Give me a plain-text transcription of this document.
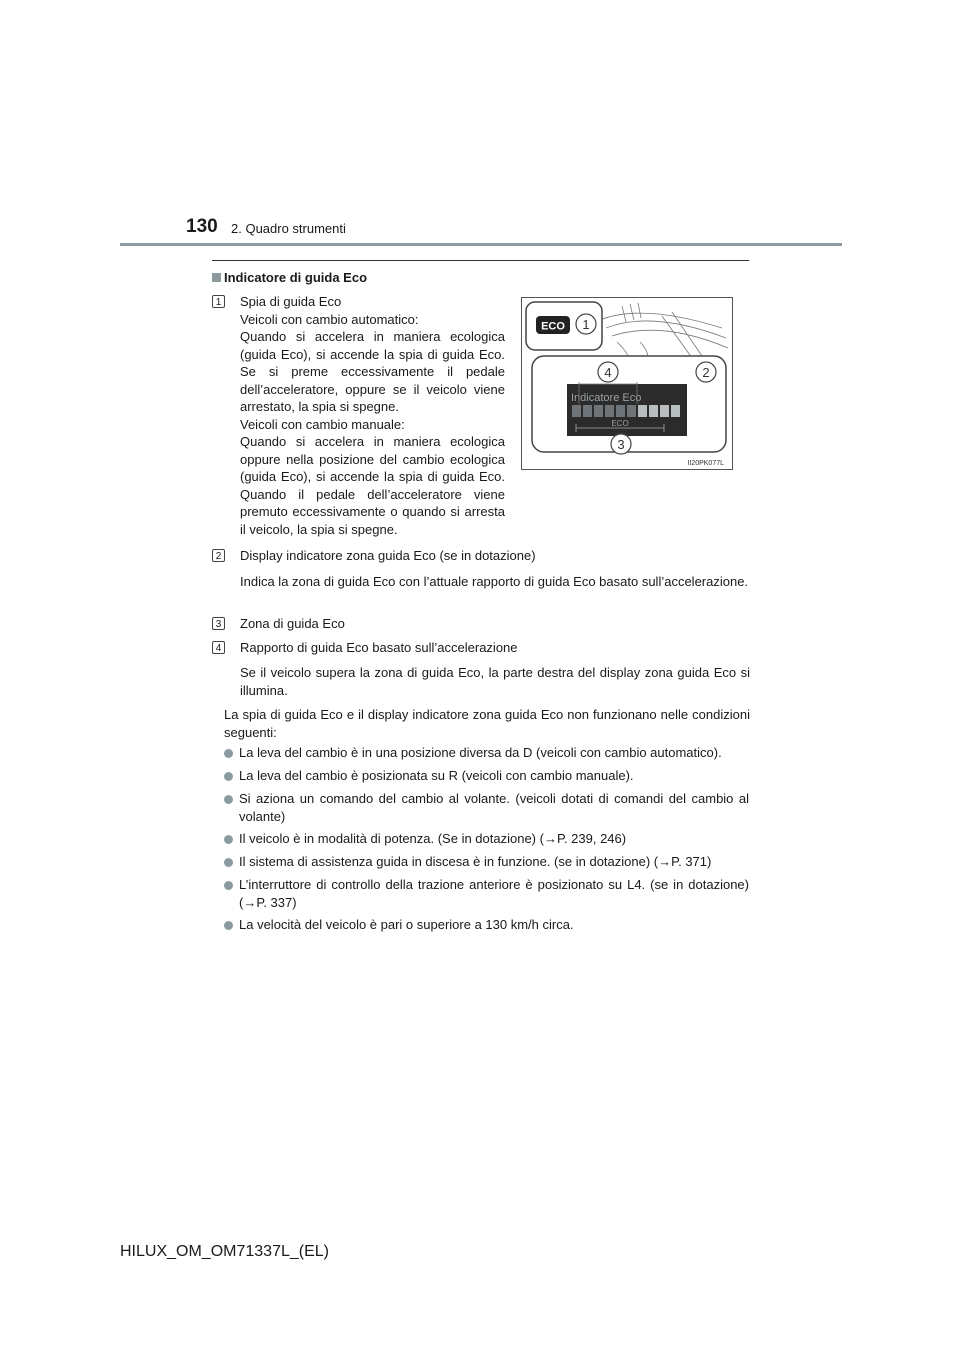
130 2. Quadro strumenti
Indicatore di guida Eco
1 Spia di guida Eco
Veicoli con cambio automatico:
Quando si accelera in maniera ecologica (guida Eco), si accende la spia di guida Eco. Se si preme eccessivamente il pedale dell’acceleratore, oppure se il veicolo viene arrestato, la spia si spegne.
Veicoli con cambio manuale:
Quando si accelera in maniera ecologica oppure nella posizione del cambio ecologica (guida Eco), si accende la spia di guida Eco. Quando il pedale dell’acceleratore viene premuto eccessivamente o quando si arresta il veicolo, la spia si spegne.
ECO 1
4	2
Indicatore Eco
ECO
3
II20PK077L
2 Display indicatore zona guida Eco (se in dotazione)
Indica la zona di guida Eco con l’attuale rapporto di guida Eco basato sull’accelerazione.
3 Zona di guida Eco
4 Rapporto di guida Eco basato sull’accelerazione
Se il veicolo supera la zona di guida Eco, la parte destra del display zona guida Eco si illumina.
La spia di guida Eco e il display indicatore zona guida Eco non funzionano nelle condizioni seguenti:
La leva del cambio è in una posizione diversa da D (veicoli con cambio automatico).
La leva del cambio è posizionata su R (veicoli con cambio manuale).
Si aziona un comando del cambio al volante. (veicoli dotati di comandi del cambio al volante)
Il veicolo è in modalità di potenza. (Se in dotazione) (→P. 239, 246)
Il sistema di assistenza guida in discesa è in funzione. (se in dotazione) (→P. 371)
L’interruttore di controllo della trazione anteriore è posizionato su L4. (se in dotazione) (→P. 337)
La velocità del veicolo è pari o superiore a 130 km/h circa.
HILUX_OM_OM71337L_(EL)
